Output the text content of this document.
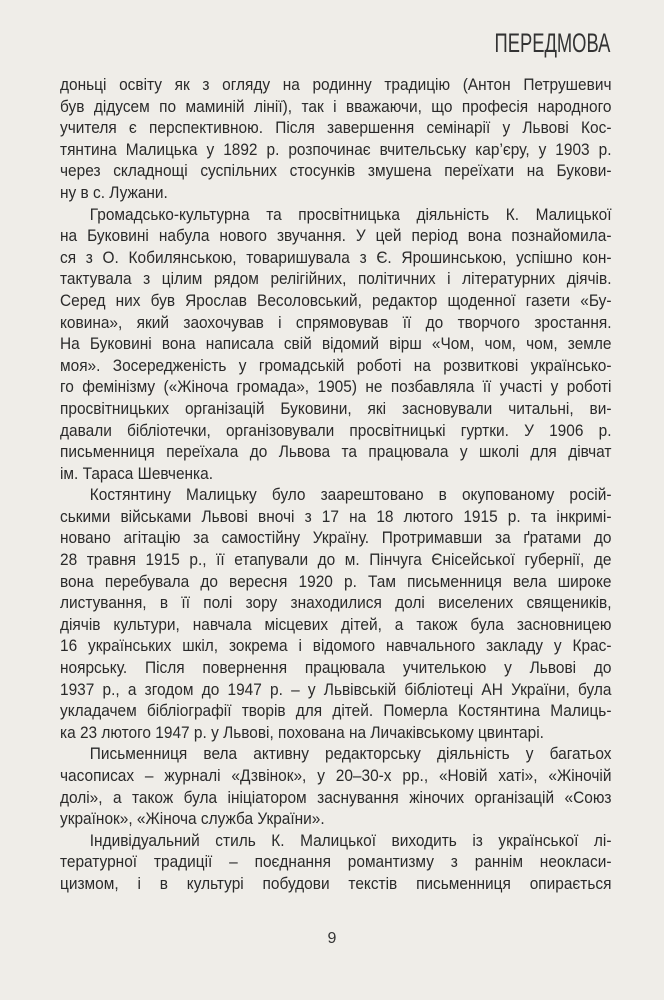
ПЕРЕДМОВА
доньці освіту як з огляду на родинну традицію (Антон Петрушевич
був дідусем по маминій лінії), так і вважаючи, що професія народного
учителя є перспективною. Після завершення семінарії у Львові Кос-
тянтина Малицька у 1892 р. розпочинає вчительську кар’єру, у 1903 р.
через складнощі суспільних стосунків змушена переїхати на Букови-
ну в с. Лужани.
Громадсько-культурна та просвітницька діяльність К. Малицької
на Буковині набула нового звучання. У цей період вона познайомила-
ся з О. Кобилянською, товаришувала з Є. Ярошинською, успішно кон-
тактувала з цілим рядом релігійних, політичних і літературних діячів.
Серед них був Ярослав Весоловський, редактор щоденної газети «Бу-
ковина», який заохочував і спрямовував її до творчого зростання.
На Буковині вона написала свій відомий вірш «Чом, чом, чом, земле
моя». Зосередженість у громадській роботі на розвиткові українсько-
го фемінізму («Жіноча громада», 1905) не позбавляла її участі у роботі
просвітницьких організацій Буковини, які засновували читальні, ви-
давали бібліотечки, організовували просвітницькі гуртки. У 1906 р.
письменниця переїхала до Львова та працювала у школі для дівчат
ім. Тараса Шевченка.
Костянтину Малицьку було заарештовано в окупованому росій-
ськими військами Львові вночі з 17 на 18 лютого 1915 р. та інкримі-
новано агітацію за самостійну Україну. Протримавши за ґратами до
28 травня 1915 р., її етапували до м. Пінчуга Єнісейської губернії, де
вона перебувала до вересня 1920 р. Там письменниця вела широке
листування, в її полі зору знаходилися долі виселених священиків,
діячів культури, навчала місцевих дітей, а також була засновницею
16 українських шкіл, зокрема і відомого навчального закладу у Крас-
ноярську. Після повернення працювала учителькою у Львові до
1937 р., а згодом до 1947 р. – у Львівській бібліотеці АН України, була
укладачем бібліографії творів для дітей. Померла Костянтина Малиць-
ка 23 лютого 1947 р. у Львові, похована на Личаківському цвинтарі.
Письменниця вела активну редакторську діяльність у багатьох
часописах – журналі «Дзвінок», у 20–30-х рр., «Новій хаті», «Жіночій
долі», а також була ініціатором заснування жіночих організацій «Союз
українок», «Жіноча служба України».
Індивідуальний стиль К. Малицької виходить із української лі-
тературної традиції – поєднання романтизму з раннім неокласи-
цизмом, і в культурі побудови текстів письменниця опирається
9
